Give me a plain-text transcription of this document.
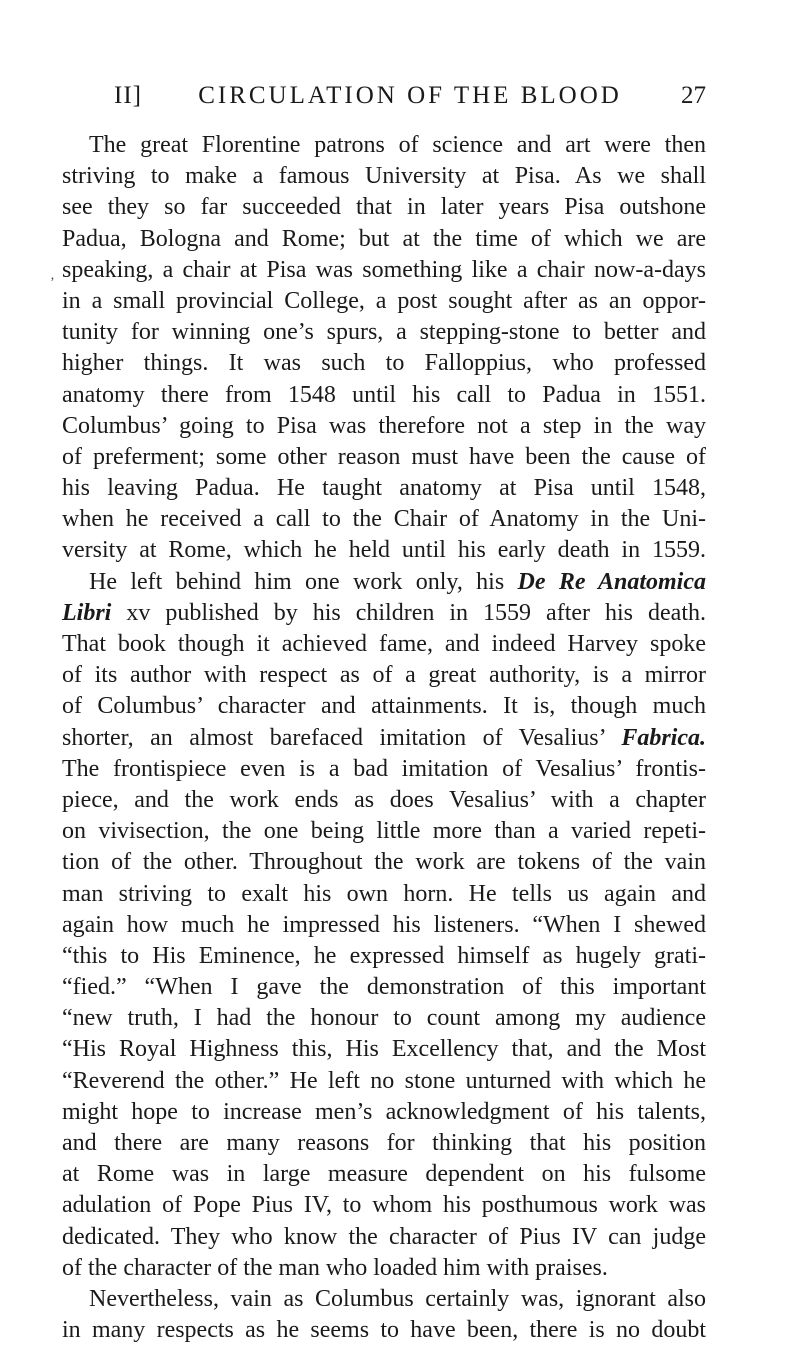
II]	CIRCULATION OF THE BLOOD	27
‚
The great Florentine patrons of science and art were then
striving to make a famous University at Pisa. As we shall
see they so far succeeded that in later years Pisa outshone
Padua, Bologna and Rome; but at the time of which we are
speaking, a chair at Pisa was something like a chair now-a-days
in a small provincial College, a post sought after as an oppor-
tunity for winning one’s spurs, a stepping-stone to better and
higher things. It was such to Falloppius, who professed
anatomy there from 1548 until his call to Padua in 1551.
Columbus’ going to Pisa was therefore not a step in the way
of preferment; some other reason must have been the cause of
his leaving Padua. He taught anatomy at Pisa until 1548,
when he received a call to the Chair of Anatomy in the Uni-
versity at Rome, which he held until his early death in 1559.
He left behind him one work only, his De Re Anatomica
Libri xv published by his children in 1559 after his death.
That book though it achieved fame, and indeed Harvey spoke
of its author with respect as of a great authority, is a mirror
of Columbus’ character and attainments. It is, though much
shorter, an almost barefaced imitation of Vesalius’ Fabrica.
The frontispiece even is a bad imitation of Vesalius’ frontis-
piece, and the work ends as does Vesalius’ with a chapter
on vivisection, the one being little more than a varied repeti-
tion of the other. Throughout the work are tokens of the vain
man striving to exalt his own horn. He tells us again and
again how much he impressed his listeners. “When I shewed
“this to His Eminence, he expressed himself as hugely grati-
“fied.” “When I gave the demonstration of this important
“new truth, I had the honour to count among my audience
“His Royal Highness this, His Excellency that, and the Most
“Reverend the other.” He left no stone unturned with which he
might hope to increase men’s acknowledgment of his talents,
and there are many reasons for thinking that his position
at Rome was in large measure dependent on his fulsome
adulation of Pope Pius IV, to whom his posthumous work was
dedicated. They who know the character of Pius IV can judge
of the character of the man who loaded him with praises.
Nevertheless, vain as Columbus certainly was, ignorant also
in many respects as he seems to have been, there is no doubt
